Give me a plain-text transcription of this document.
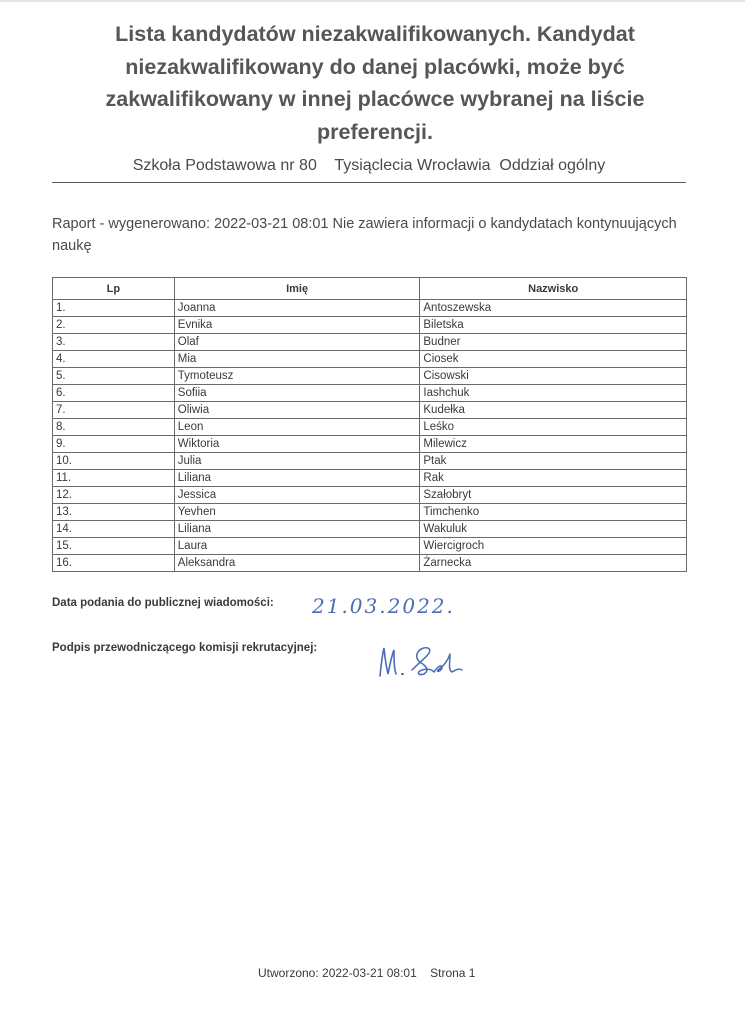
Lista kandydatów niezakwalifikowanych. Kandydat niezakwalifikowany do danej placówki, może być zakwalifikowany w innej placówce wybranej na liście preferencji.
Szkoła Podstawowa nr 80    Tysiąclecia Wrocławia  Oddział ogólny
Raport - wygenerowano: 2022-03-21 08:01 Nie zawiera informacji o kandydatach kontynuujących naukę
Lp	Imię	Nazwisko
1.	Joanna	Antoszewska
2.	Evnika	Biletska
3.	Olaf	Budner
4.	Mia	Ciosek
5.	Tymoteusz	Cisowski
6.	Sofiia	Iashchuk
7.	Oliwia	Kudełka
8.	Leon	Leśko
9.	Wiktoria	Milewicz
10.	Julia	Ptak
11.	Liliana	Rak
12.	Jessica	Szałobryt
13.	Yevhen	Timchenko
14.	Liliana	Wakuluk
15.	Laura	Wiercigroch
16.	Aleksandra	Żarnecka
Data podania do publicznej wiadomości: 21.03.2022.
Podpis przewodniczącego komisji rekrutacyjnej:
Utworzono: 2022-03-21 08:01    Strona 1
